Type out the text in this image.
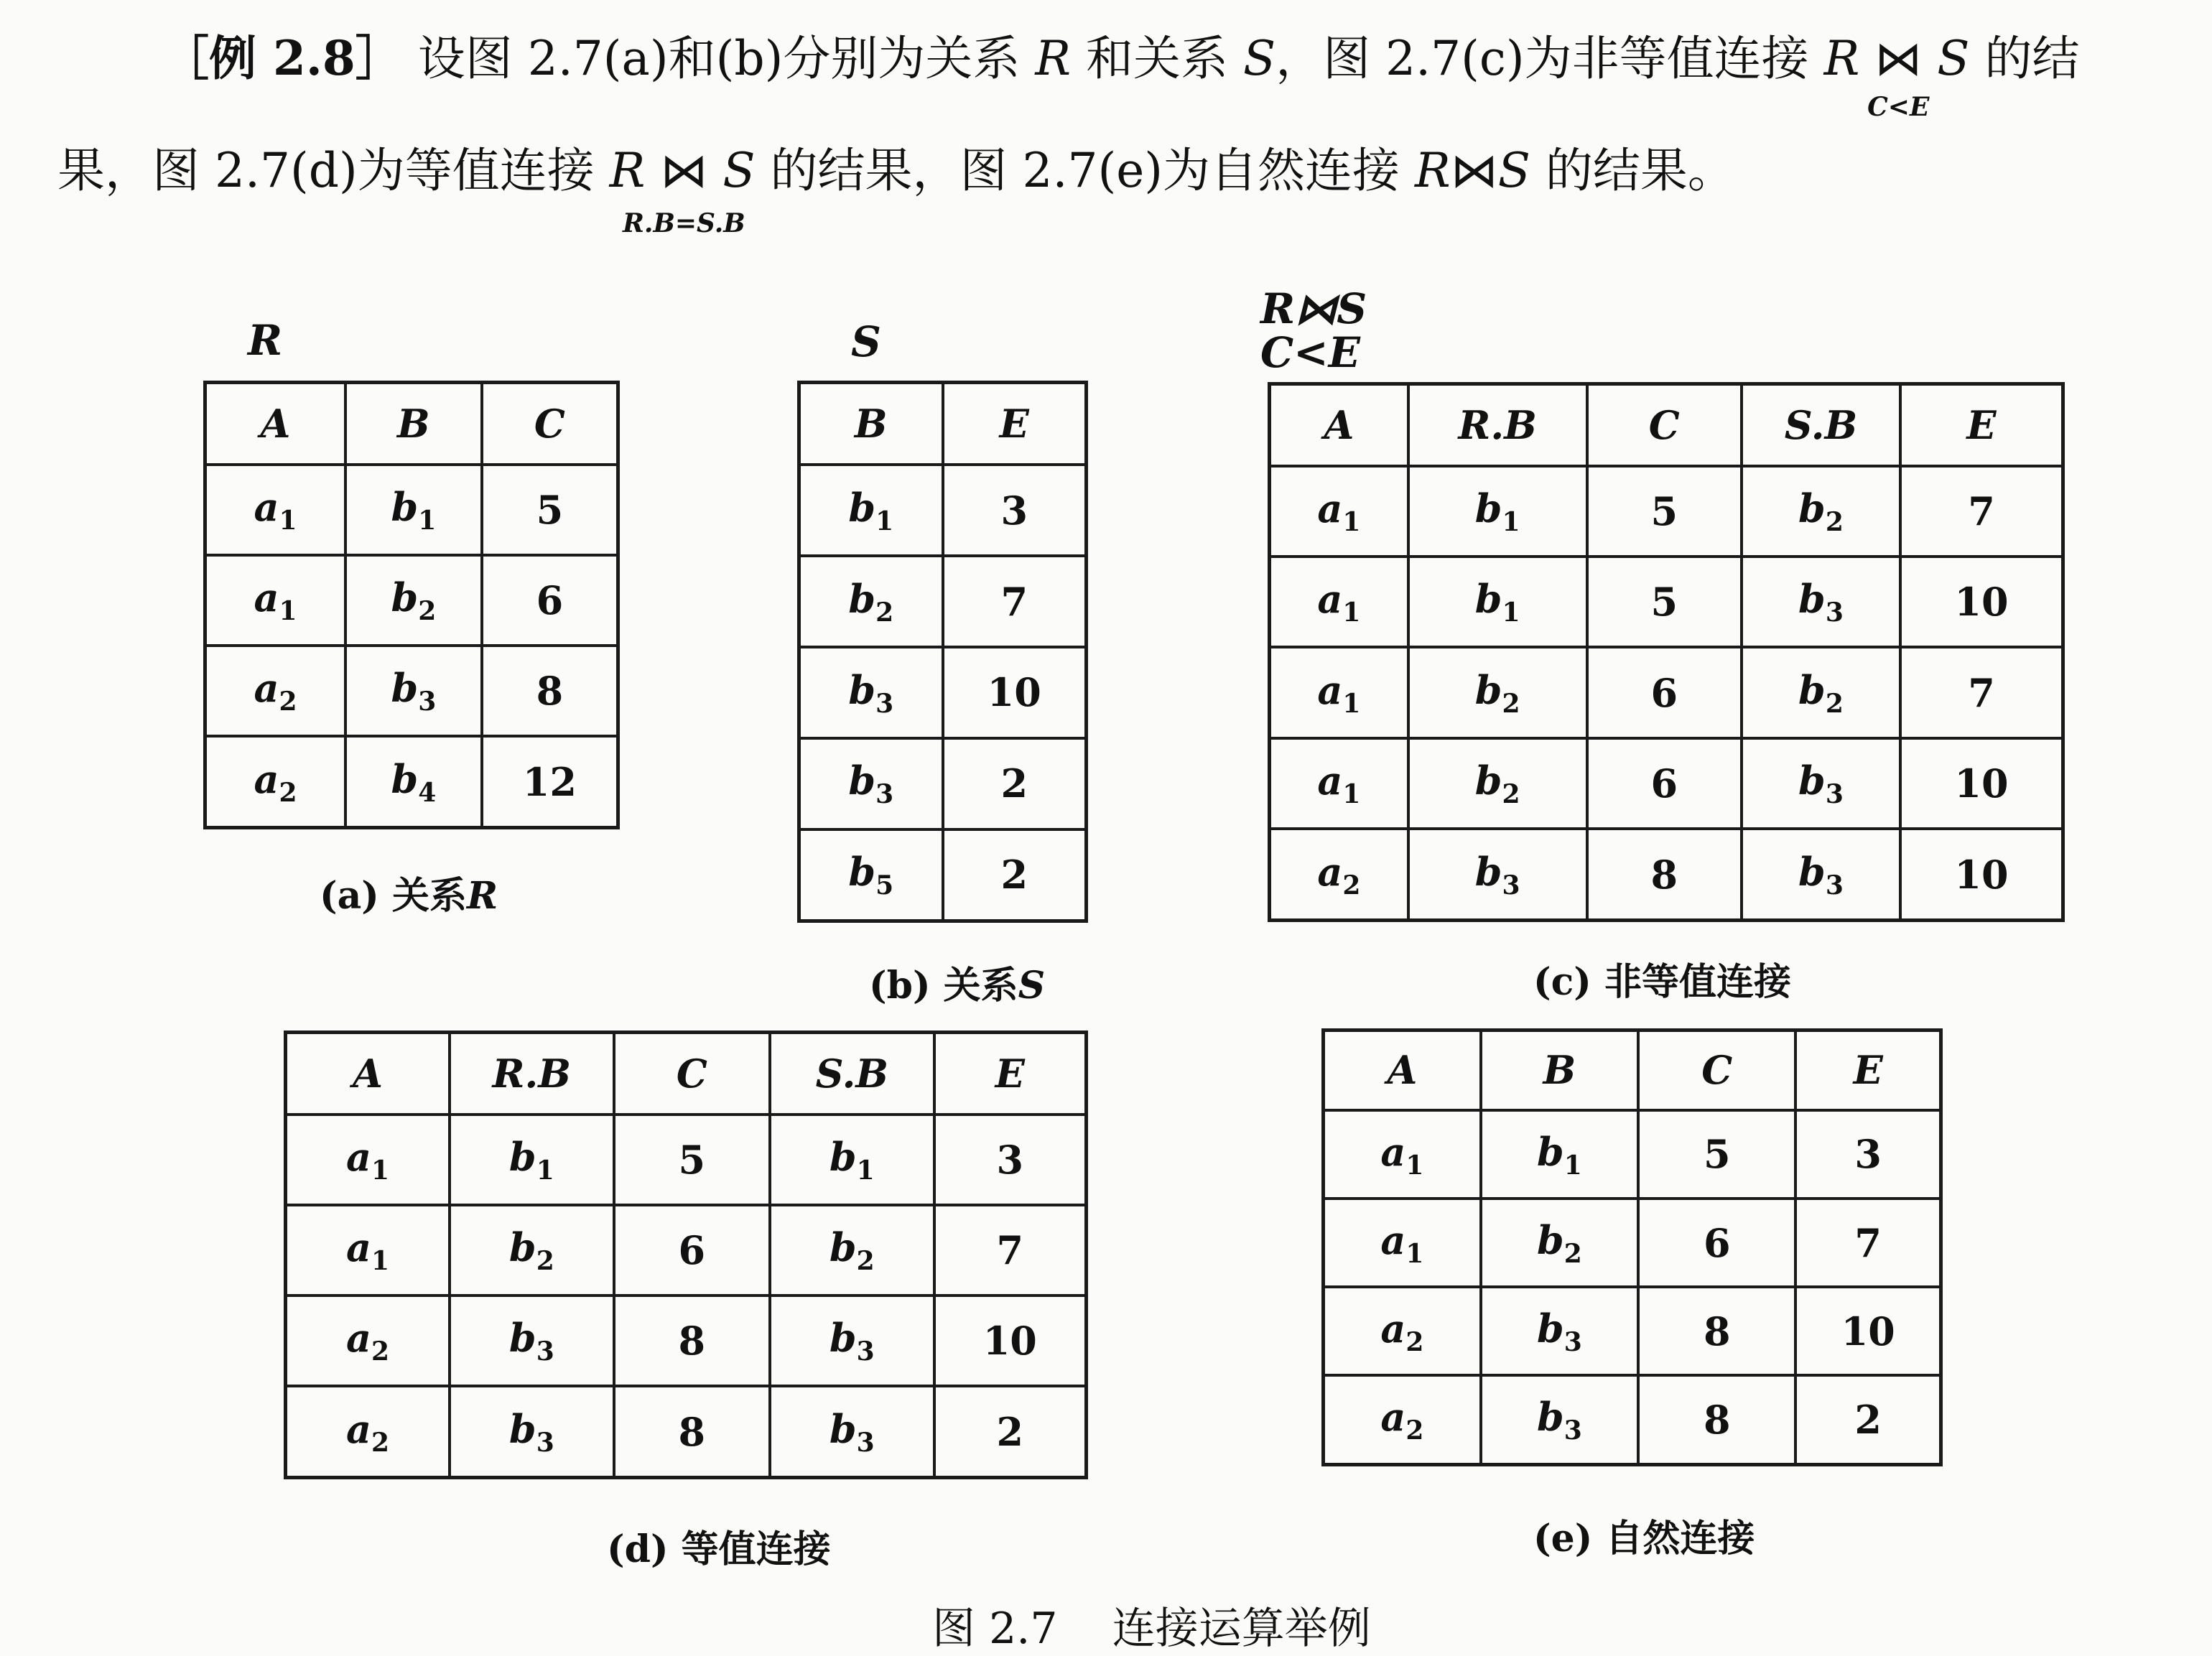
［例 2.8］ 设图 2.7(a)和(b)分别为关系 R 和关系 S，图 2.7(c)为非等值连接 R ⋈
C<E
S 的结
果，图 2.7(d)为等值连接 R ⋈
R.B=S.B
S 的结果，图 2.7(e)为自然连接 R⋈S 的结果。
R
A	B	C
$a_1$	$b_1$	5
$a_1$	$b_2$	6
$a_2$	$b_3$	8
$a_2$	$b_4$	12
(a) 关系R
S
B	E
$b_1$	3
$b_2$	7
$b_3$	10
$b_3$	2
$b_5$	2
(b) 关系S
R⋈S
C<E
A	R.B	C	S.B	E
$a_1$	$b_1$	5	$b_2$	7
$a_1$	$b_1$	5	$b_3$	10
$a_1$	$b_2$	6	$b_2$	7
$a_1$	$b_2$	6	$b_3$	10
$a_2$	$b_3$	8	$b_3$	10
(c) 非等值连接
A	R.B	C	S.B	E
$a_1$	$b_1$	5	$b_1$	3
$a_1$	$b_2$	6	$b_2$	7
$a_2$	$b_3$	8	$b_3$	10
$a_2$	$b_3$	8	$b_3$	2
(d) 等值连接
A	B	C	E
$a_1$	$b_1$	5	3
$a_1$	$b_2$	6	7
$a_2$	$b_3$	8	10
$a_2$	$b_3$	8	2
(e) 自然连接
图 2.7    连接运算举例
